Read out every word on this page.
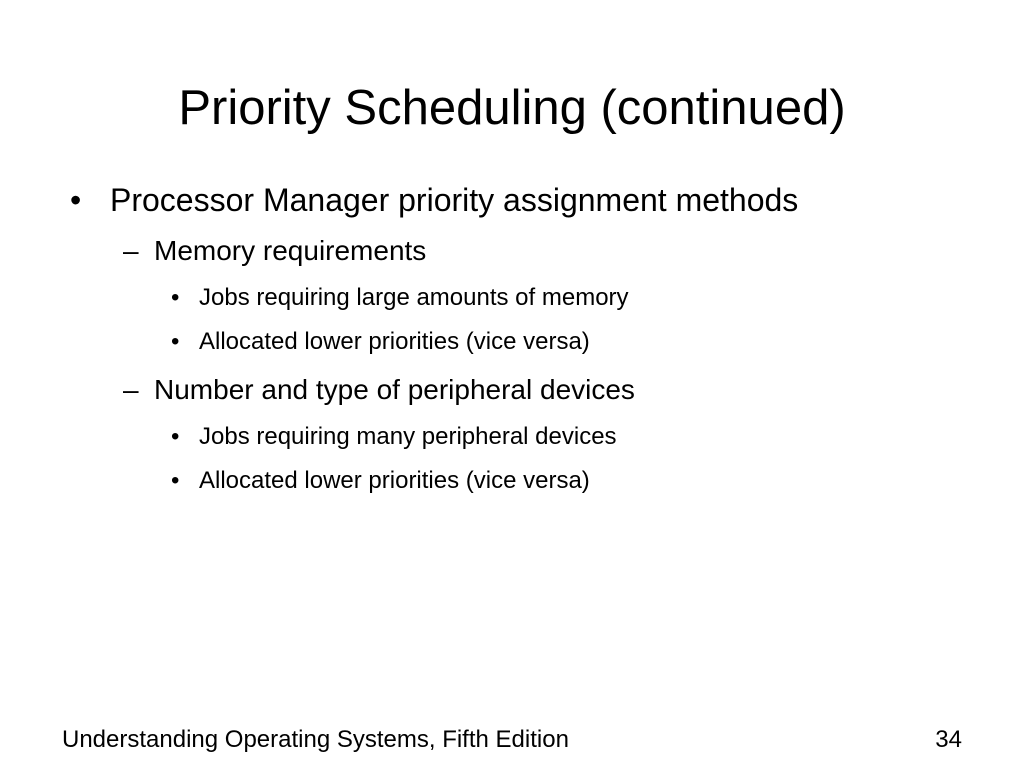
Priority Scheduling (continued)
• Processor Manager priority assignment methods
– Memory requirements
• Jobs requiring large amounts of memory
• Allocated lower priorities (vice versa)
– Number and type of peripheral devices
• Jobs requiring many peripheral devices
• Allocated lower priorities (vice versa)
Understanding Operating Systems, Fifth Edition	34
